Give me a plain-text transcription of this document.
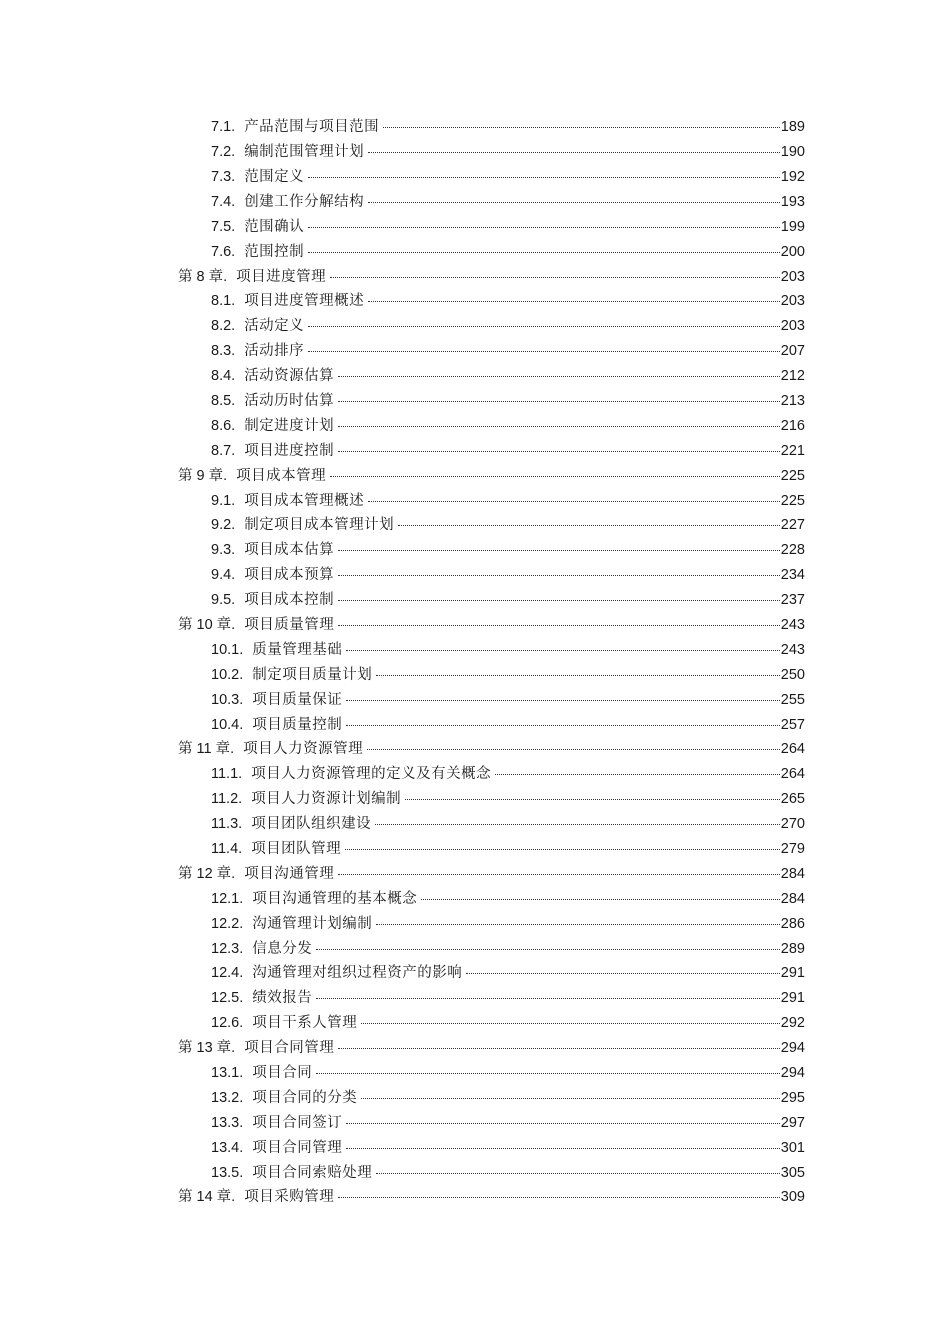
7.1. 产品范围与项目范围	189
7.2. 编制范围管理计划	190
7.3. 范围定义	192
7.4. 创建工作分解结构	193
7.5. 范围确认	199
7.6. 范围控制	200
第 8 章. 项目进度管理	203
8.1. 项目进度管理概述	203
8.2. 活动定义	203
8.3. 活动排序	207
8.4. 活动资源估算	212
8.5. 活动历时估算	213
8.6. 制定进度计划	216
8.7. 项目进度控制	221
第 9 章. 项目成本管理	225
9.1. 项目成本管理概述	225
9.2. 制定项目成本管理计划	227
9.3. 项目成本估算	228
9.4. 项目成本预算	234
9.5. 项目成本控制	237
第 10 章. 项目质量管理	243
10.1. 质量管理基础	243
10.2. 制定项目质量计划	250
10.3. 项目质量保证	255
10.4. 项目质量控制	257
第 11 章. 项目人力资源管理	264
11.1. 项目人力资源管理的定义及有关概念	264
11.2. 项目人力资源计划编制	265
11.3. 项目团队组织建设	270
11.4. 项目团队管理	279
第 12 章. 项目沟通管理	284
12.1. 项目沟通管理的基本概念	284
12.2. 沟通管理计划编制	286
12.3. 信息分发	289
12.4. 沟通管理对组织过程资产的影响	291
12.5. 绩效报告	291
12.6. 项目干系人管理	292
第 13 章. 项目合同管理	294
13.1. 项目合同	294
13.2. 项目合同的分类	295
13.3. 项目合同签订	297
13.4. 项目合同管理	301
13.5. 项目合同索赔处理	305
第 14 章. 项目采购管理	309
